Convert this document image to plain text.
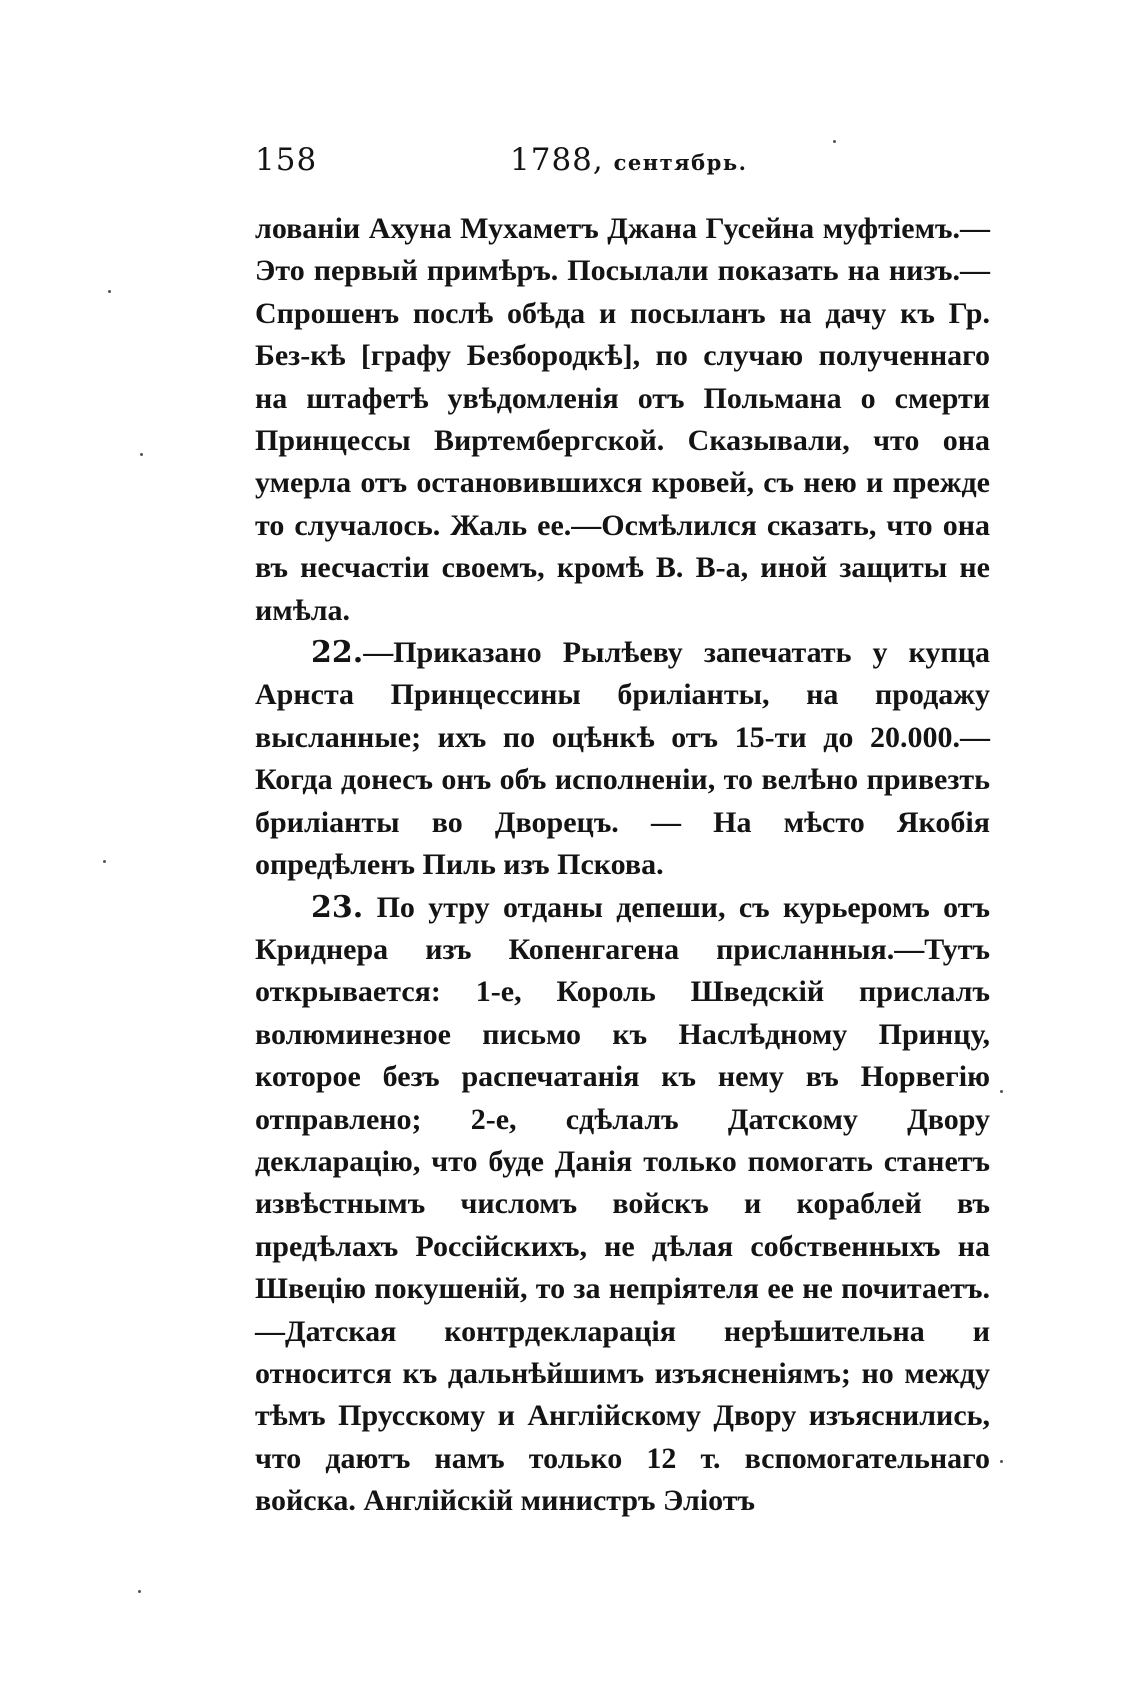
158	1788, сентябрь.

лованіи Ахуна Мухаметъ Джана Гусейна муфтіемъ.— Это первый примѣръ. Посылали показать на низъ.— Спрошенъ послѣ обѣда и посыланъ на дачу къ Гр. Без-кѣ [графу Безбородкѣ], по случаю полученнаго на штафетѣ увѣдомленія отъ Польмана о смерти Принцессы Виртембергской. Сказывали, что она умерла отъ остановившихся кровей, съ нею и прежде то случалось. Жаль ее.—Осмѣлился сказать, что она въ несчастіи своемъ, кромѣ В. В-а, иной защиты не имѣла.

22.—Приказано Рылѣеву запечатать у купца Арнста Принцессины бриліанты, на продажу высланные; ихъ по оцѣнкѣ отъ 15-ти до 20.000.— Когда донесъ онъ объ исполненіи, то велѣно привезть бриліанты во Дворецъ. — На мѣсто Якобія опредѣленъ Пиль изъ Пскова.

23. По утру отданы депеши, съ курьеромъ отъ Криднера изъ Копенгагена присланныя.—Тутъ открывается: 1-е, Король Шведскій прислалъ волюминезное письмо къ Наслѣдному Принцу, которое безъ распечатанія къ нему въ Норвегію отправлено; 2-е, сдѣлалъ Датскому Двору декларацію, что буде Данія только помогать станетъ извѣстнымъ числомъ войскъ и кораблей въ предѣлахъ Россійскихъ, не дѣлая собственныхъ на Швецію покушеній, то за непріятеля ее не почитаетъ.—Датская контрдекларація нерѣшительна и относится къ дальнѣйшимъ изъясненіямъ; но между тѣмъ Прусскому и Англійскому Двору изъяснились, что даютъ намъ только 12 т. вспомогательнаго войска. Англійскій министръ Эліотъ
